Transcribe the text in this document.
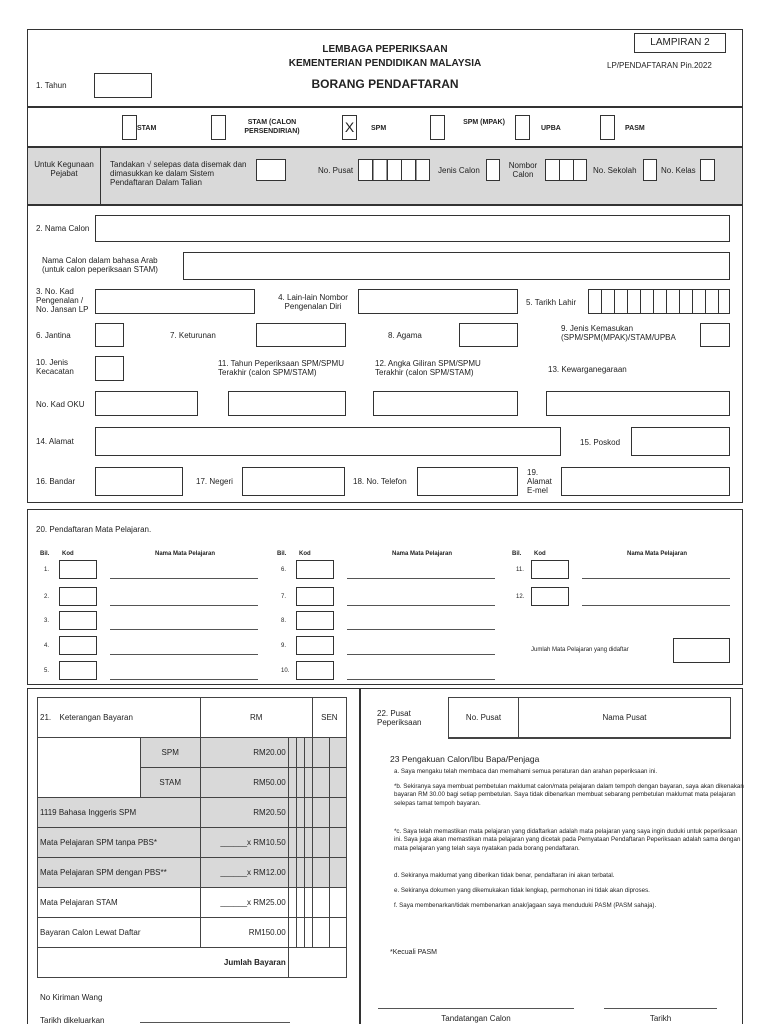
LEMBAGA PEPERIKSAAN
KEMENTERIAN PENDIDIKAN MALAYSIA
BORANG PENDAFTARAN
LAMPIRAN 2
LP/PENDAFTARAN Pin.2022
1. Tahun
STAM
STAM (CALON PERSENDIRIAN)	X	SPM
SPM (MPAK)
UPBA	PASM
Untuk Kegunaan Pejabat
Tandakan √ selepas data disemak dan dimasukkan ke dalam Sistem Pendaftaran Dalam Talian
No. Pusat	Jenis Calon
Nombor Calon	No. Sekolah	No. Kelas
2. Nama Calon
Nama Calon dalam bahasa Arab (untuk calon peperiksaan STAM)
3. No. Kad Pengenalan / No. Jansan LP
4. Lain-lain Nombor Pengenalan Diri	5. Tarikh Lahir
6. Jantina	7. Keturunan	8. Agama
9. Jenis Kemasukan (SPM/SPM(MPAK)/STAM/UPBA
10. Jenis Kecacatan
11. Tahun Peperiksaan SPM/SPMU Terakhir (calon SPM/STAM)
12. Angka Giliran SPM/SPMU Terakhir (calon SPM/STAM)	13. Kewarganegaraan
No. Kad OKU
14. Alamat	15. Poskod
16. Bandar	17. Negeri	18. No. Telefon
19. Alamat E-mel
20. Pendaftaran Mata Pelajaran.
Bil. Kod	Nama Mata Pelajaran
1.
2.
3.
4.
5.
Bil. Kod	Nama Mata Pelajaran
6.
7.
8.
9.
10.
Bil. Kod	Nama Mata Pelajaran
11.
12.
Jumlah Mata Pelajaran yang didaftar
21.	Keterangan Bayaran		RM				SEN	
		SPM	RM20.00					
		STAM	RM50.00					
1119 Bahasa Inggeris SPM			RM20.50					
Mata Pelajaran SPM tanpa PBS*			______x RM10.50					
Mata Pelajaran SPM dengan PBS**			______x RM12.00					
Mata Pelajaran STAM			______x RM25.00					
Bayaran Calon Lewat Daftar			RM150.00					
Jumlah Bayaran								
No Kiriman Wang
Tarikh dikeluarkan
22. Pusat Peperiksaan
No. Pusat	Nama Pusat

23 Pengakuan Calon/Ibu Bapa/Penjaga
a. Saya mengaku telah membaca dan memahami semua peraturan dan arahan peperiksaan ini.
*b. Sekiranya saya membuat pembetulan maklumat calon/mata pelajaran dalam tempoh dengan bayaran, saya akan dikenakan bayaran RM 30.00 bagi setiap pembetulan. Saya tidak dibenarkan membuat sebarang pembetulan maklumat mata pelajaran selepas tamat tempoh bayaran.
*c. Saya telah memastikan mata pelajaran yang didaftarkan adalah mata pelajaran yang saya ingin duduki untuk peperiksaan ini. Saya juga akan memastikan mata pelajaran yang dicetak pada Pernyataan Pendaftaran Peperiksaan adalah sama dengan mata pelajaran yang telah saya nyatakan pada borang pendaftaran.
d. Sekiranya maklumat yang diberikan tidak benar, pendaftaran ini akan terbatal.
e. Sekiranya dokumen yang dikemukakan tidak lengkap, permohonan ini tidak akan diproses.
f. Saya membenarkan/tidak membenarkan anak/jagaan saya menduduki PASM (PASM sahaja).
*Kecuali PASM
Tandatangan Calon	Tarikh
